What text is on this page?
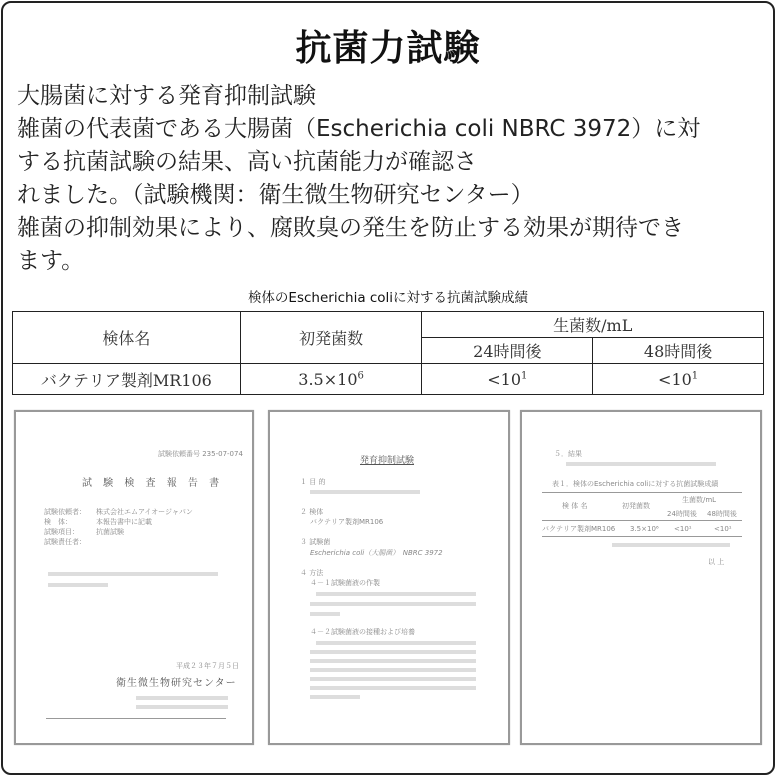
抗菌力試験
大腸菌に対する発育抑制試験
雑菌の代表菌である大腸菌（Escherichia coli NBRC 3972）に対
する抗菌試験の結果、高い抗菌能力が確認さ
れました。（試験機関：衛生微生物研究センター）
雑菌の抑制効果により、腐敗臭の発生を防止する効果が期待でき
ます。
検体のEscherichia coliに対する抗菌試験成績
検体名	初発菌数	生菌数/mL	
		24時間後	48時間後
バクテリア製剤MR106	$3.5\times 10^6$	$<10^1$	$<10^1$
試験依頼番号 235-07-074
試 験 検 査 報 告 書
試験依頼者： 株式会社エムアイオージャパン
検　体：	本報告書中に記載
試験項目： 抗菌試験
試験責任者：
平成２３年７月５日
衛生微生物研究センター
発育抑制試験
１ 目 的
２ 検体
バクテリア製剤MR106
３ 試験菌
Escherichia coli（大腸菌）　NBRC 3972
４ 方法
４－１試験菌液の作製
４－２試験菌液の接種および培養
５．結果
表１．検体のEscherichia coliに対する抗菌試験成績
検 体 名	初発菌数
生菌数/mL
24時間後 48時間後
バクテリア製剤MR106 3.5×10⁶ <10¹	<10¹
以 上
